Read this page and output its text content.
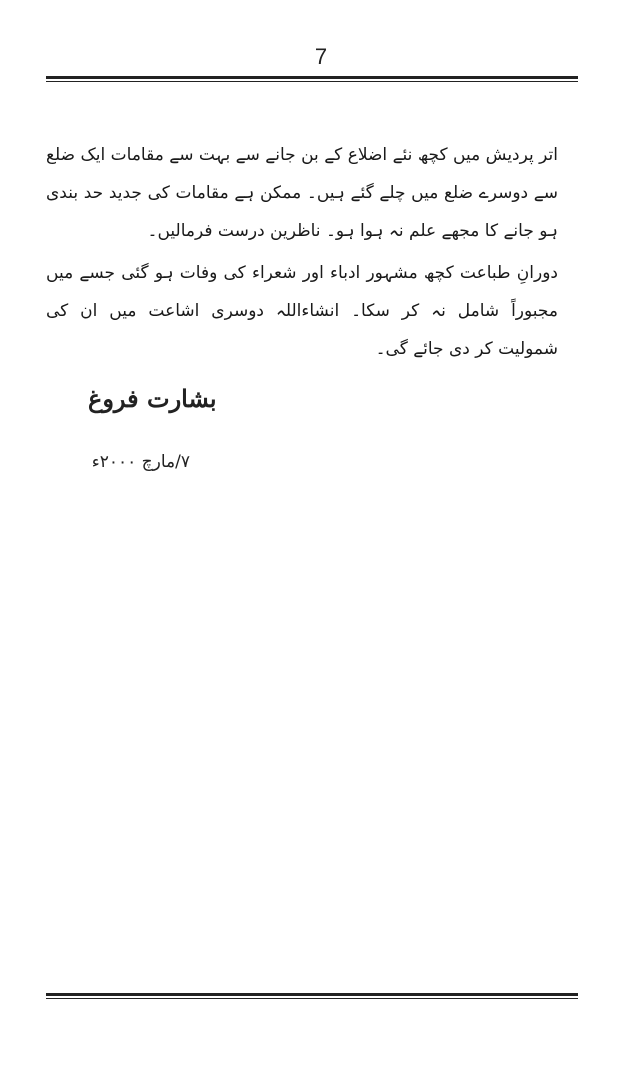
7

اتر پردیش میں کچھ نئے اضلاع کے بن جانے سے بہت سے مقامات ایک ضلع سے دوسرے ضلع میں چلے گئے ہیں۔ ممکن ہے مقامات کی جدید حد بندی ہو جانے کا مجھے علم نہ ہوا ہو۔ ناظرین درست فرمالیں۔

دورانِ طباعت کچھ مشہور ادباء اور شعراء کی وفات ہو گئی جسے میں مجبوراً شامل نہ کر سکا۔ انشاءاللہ دوسری اشاعت میں ان کی شمولیت کر دی جائے گی۔

بشارت فروغ
۷/مارچ ۲۰۰۰ء
